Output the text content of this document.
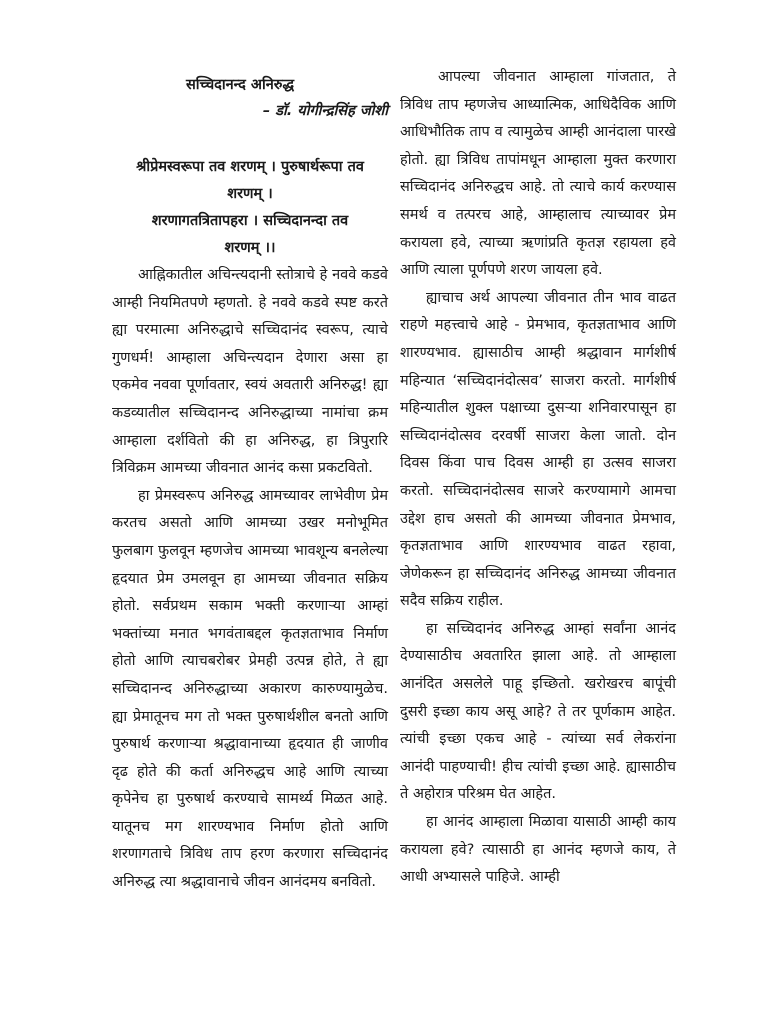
सच्चिदानन्द अनिरुद्ध
– डॉ. योगीन्द्रसिंह जोशी
श्रीप्रेमस्वरूपा तव शरणम् । पुरुषार्थरूपा तव
शरणम् ।
शरणागतत्रितापहरा । सच्चिदानन्दा तव
शरणम् ।।

आह्निकातील अचिन्त्यदानी स्तोत्राचे हे नववे कडवे आम्ही नियमितपणे म्हणतो. हे नववे कडवे स्पष्ट करते ह्या परमात्मा अनिरुद्धाचे सच्चिदानंद स्वरूप, त्याचे गुणधर्म! आम्हाला अचिन्त्यदान देणारा असा हा एकमेव नववा पूर्णावतार, स्वयं अवतारी अनिरुद्ध! ह्या कडव्यातील सच्चिदानन्द अनिरुद्धाच्या नामांचा क्रम आम्हाला दर्शवितो की हा अनिरुद्ध, हा त्रिपुरारि त्रिविक्रम आमच्या जीवनात आनंद कसा प्रकटवितो.

हा प्रेमस्वरूप अनिरुद्ध आमच्यावर लाभेवीण प्रेम करतच असतो आणि आमच्या उखर मनोभूमित फुलबाग फुलवून म्हणजेच आमच्या भावशून्य बनलेल्या हृदयात प्रेम उमलवून हा आमच्या जीवनात सक्रिय होतो. सर्वप्रथम सकाम भक्ती करणाऱ्या आम्हां भक्तांच्या मनात भगवंताबद्दल कृतज्ञताभाव निर्माण होतो आणि त्याचबरोबर प्रेमही उत्पन्न होते, ते ह्या सच्चिदानन्द अनिरुद्धाच्या अकारण कारुण्यामुळेच. ह्या प्रेमातूनच मग तो भक्त पुरुषार्थशील बनतो आणि पुरुषार्थ करणाऱ्या श्रद्धावानाच्या हृदयात ही जाणीव दृढ होते की कर्ता अनिरुद्धच आहे आणि त्याच्या कृपेनेच हा पुरुषार्थ करण्याचे सामर्थ्य मिळत आहे. यातूनच मग शारण्यभाव निर्माण होतो आणि शरणागताचे त्रिविध ताप हरण करणारा सच्चिदानंद अनिरुद्ध त्या श्रद्धावानाचे जीवन आनंदमय बनवितो.

आपल्या जीवनात आम्हाला गांजतात, ते त्रिविध ताप म्हणजेच आध्यात्मिक, आधिदैविक आणि आधिभौतिक ताप व त्यामुळेच आम्ही आनंदाला पारखे होतो. ह्या त्रिविध तापांमधून आम्हाला मुक्त करणारा सच्चिदानंद अनिरुद्धच आहे. तो त्याचे कार्य करण्यास समर्थ व तत्परच आहे, आम्हालाच त्याच्यावर प्रेम करायला हवे, त्याच्या ऋणांप्रति कृतज्ञ रहायला हवे आणि त्याला पूर्णपणे शरण जायला हवे.

ह्याचाच अर्थ आपल्या जीवनात तीन भाव वाढत राहणे महत्त्वाचे आहे - प्रेमभाव, कृतज्ञताभाव आणि शारण्यभाव. ह्यासाठीच आम्ही श्रद्धावान मार्गशीर्ष महिन्यात ‘सच्चिदानंदोत्सव’ साजरा करतो. मार्गशीर्ष महिन्यातील शुक्ल पक्षाच्या दुसऱ्या शनिवारपासून हा सच्चिदानंदोत्सव दरवर्षी साजरा केला जातो. दोन दिवस किंवा पाच दिवस आम्ही हा उत्सव साजरा करतो. सच्चिदानंदोत्सव साजरे करण्यामागे आमचा उद्देश हाच असतो की आमच्या जीवनात प्रेमभाव, कृतज्ञताभाव आणि शारण्यभाव वाढत रहावा, जेणेकरून हा सच्चिदानंद अनिरुद्ध आमच्या जीवनात सदैव सक्रिय राहील.

हा सच्चिदानंद अनिरुद्ध आम्हां सर्वांना आनंद देण्यासाठीच अवतारित झाला आहे. तो आम्हाला आनंदित असलेले पाहू इच्छितो. खरोखरच बापूंची दुसरी इच्छा काय असू आहे? ते तर पूर्णकाम आहेत. त्यांची इच्छा एकच आहे - त्यांच्या सर्व लेकरांना आनंदी पाहण्याची! हीच त्यांची इच्छा आहे. ह्यासाठीच ते अहोरात्र परिश्रम घेत आहेत.

हा आनंद आम्हाला मिळावा यासाठी आम्ही काय करायला हवे? त्यासाठी हा आनंद म्हणजे काय, ते आधी अभ्यासले पाहिजे. आम्ही
